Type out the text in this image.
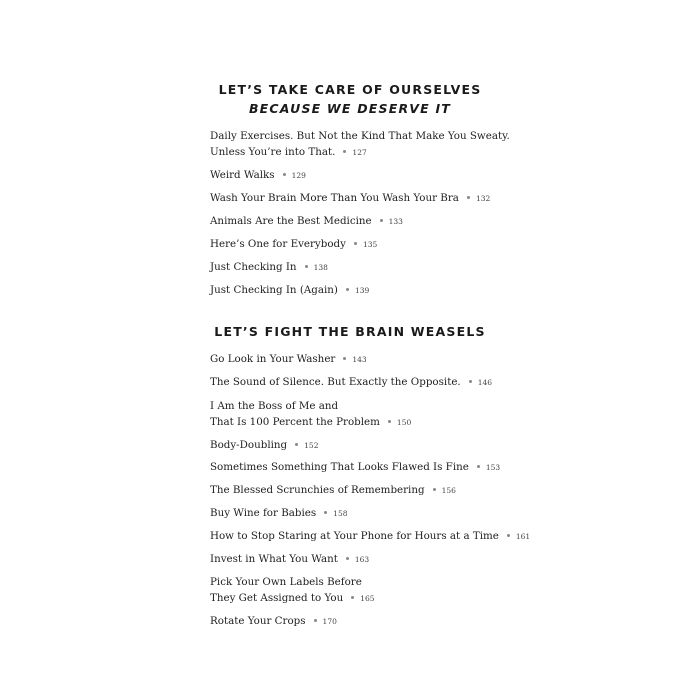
LET’S TAKE CARE OF OURSELVES
BECAUSE WE DESERVE IT
Daily Exercises. But Not the Kind That Make You Sweaty.
Unless You’re into That. 127
Weird Walks 129
Wash Your Brain More Than You Wash Your Bra 132
Animals Are the Best Medicine 133
Here’s One for Everybody 135
Just Checking In 138
Just Checking In (Again) 139
LET’S FIGHT THE BRAIN WEASELS
Go Look in Your Washer 143
The Sound of Silence. But Exactly the Opposite. 146
I Am the Boss of Me and
That Is 100 Percent the Problem 150
Body-Doubling 152
Sometimes Something That Looks Flawed Is Fine 153
The Blessed Scrunchies of Remembering 156
Buy Wine for Babies 158
How to Stop Staring at Your Phone for Hours at a Time 161
Invest in What You Want 163
Pick Your Own Labels Before
They Get Assigned to You 165
Rotate Your Crops 170
